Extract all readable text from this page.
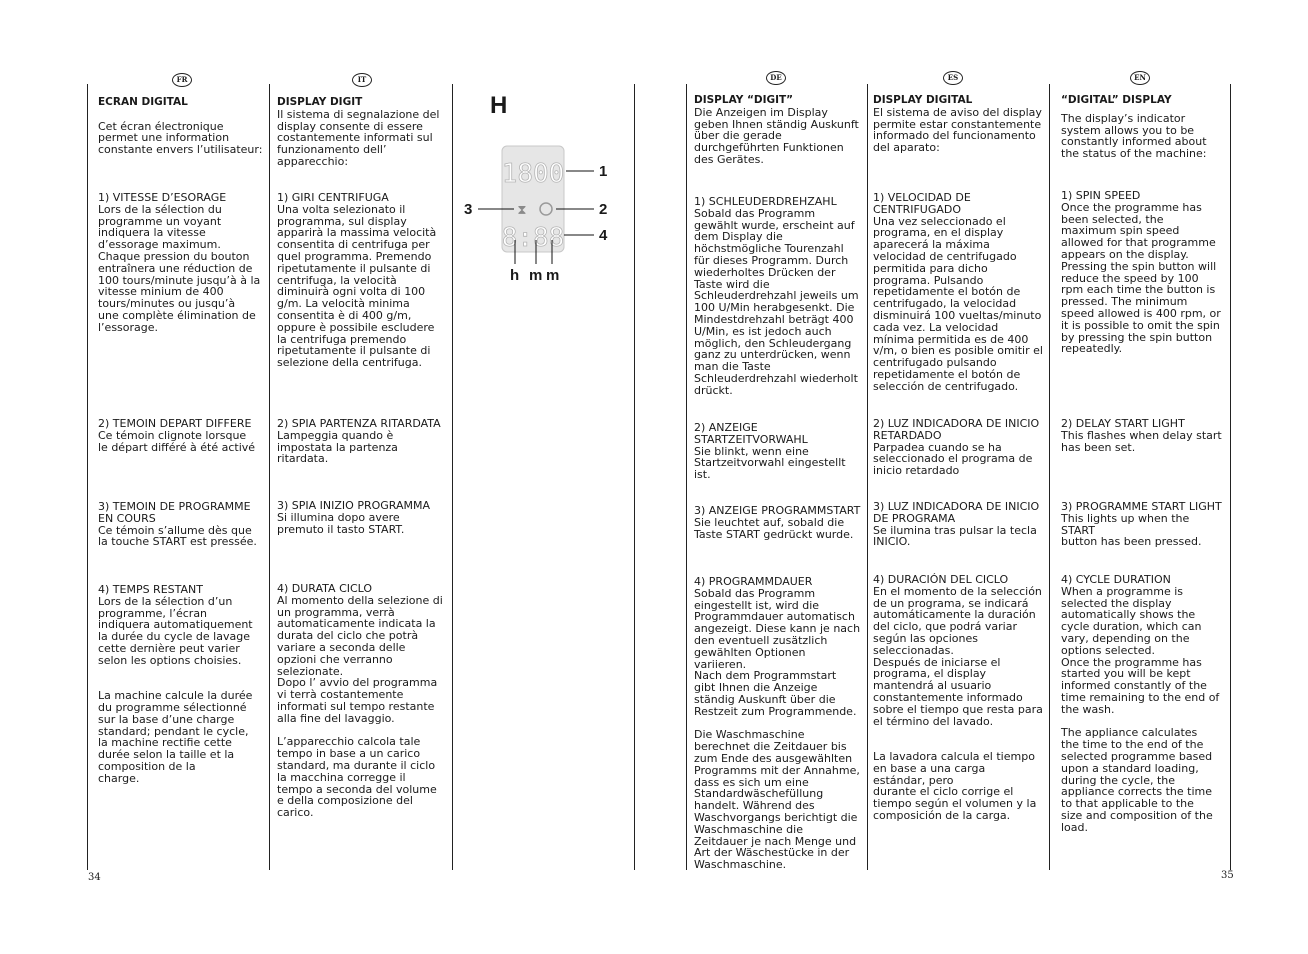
FR	IT	DE	ES	EN

ECRAN DIGITAL

Cet écran électronique
permet une information
constante envers l’utilisateur:

1) VITESSE D’ESORAGE
Lors de la sélection du
programme un voyant
indiquera la vitesse
d’essorage maximum.
Chaque pression du bouton
entraînera une réduction de
100 tours/minute jusqu’à à la
vitesse minium de 400
tours/minutes ou jusqu’à
une complète élimination de
l’essorage.

2) TEMOIN DEPART DIFFERE
Ce témoin clignote lorsque
le départ différé à été activé

3) TEMOIN DE PROGRAMME
EN COURS
Ce témoin s’allume dès que
la touche START est pressée.

4) TEMPS RESTANT
Lors de la sélection d’un
programme, l’écran
indiquera automatiquement
la durée du cycle de lavage
cette dernière peut varier
selon les options choisies.

La machine calcule la durée
du programme sélectionné
sur la base d’une charge
standard; pendant le cycle,
la machine rectifie cette
durée selon la taille et la
composition de la
charge.

DISPLAY DIGIT

Il sistema di segnalazione del
display consente di essere
costantemente informati sul
funzionamento dell’
apparecchio:

1) GIRI CENTRIFUGA
Una volta selezionato il
programma, sul display
apparirà la massima velocità
consentita di centrifuga per
quel programma. Premendo
ripetutamente il pulsante di
centrifuga, la velocità
diminuirà ogni volta di 100
g/m. La velocità minima
consentita è di 400 g/m,
oppure è possibile escludere
la centrifuga premendo
ripetutamente il pulsante di
selezione della centrifuga.

2) SPIA PARTENZA RITARDATA
Lampeggia quando è
impostata la partenza
ritardata.

3) SPIA INIZIO PROGRAMMA
Si illumina dopo avere
premuto il tasto START.

4) DURATA CICLO
Al momento della selezione di
un programma, verrà
automaticamente indicata la
durata del ciclo che potrà
variare a seconda delle
opzioni che verranno
selezionate.
Dopo l’ avvio del programma
vi terrà costantemente
informati sul tempo restante
alla fine del lavaggio.

L’apparecchio calcola tale
tempo in base a un carico
standard, ma durante il ciclo
la macchina corregge il
tempo a seconda del volume
e della composizione del
carico.

H
1800
⧗
8:88
1
2
3
4
h m m

DISPLAY “DIGIT”

Die Anzeigen im Display
geben Ihnen ständig Auskunft
über die gerade
durchgeführten Funktionen
des Gerätes.

1) SCHLEUDERDREHZAHL
Sobald das Programm
gewählt wurde, erscheint auf
dem Display die
höchstmögliche Tourenzahl
für dieses Programm. Durch
wiederholtes Drücken der
Taste wird die
Schleuderdrehzahl jeweils um
100 U/Min herabgesenkt. Die
Mindestdrehzahl beträgt 400
U/Min, es ist jedoch auch
möglich, den Schleudergang
ganz zu unterdrücken, wenn
man die Taste
Schleuderdrehzahl wiederholt
drückt.

2) ANZEIGE
STARTZEITVORWAHL
Sie blinkt, wenn eine
Startzeitvorwahl eingestellt ist.

3) ANZEIGE PROGRAMMSTART
Sie leuchtet auf, sobald die
Taste START gedrückt wurde.

4) PROGRAMMDAUER
Sobald das Programm
eingestellt ist, wird die
Programmdauer automatisch
angezeigt. Diese kann je nach
den eventuell zusätzlich
gewählten Optionen
variieren.
Nach dem Programmstart
gibt Ihnen die Anzeige
ständig Auskunft über die
Restzeit zum Programmende.

Die Waschmaschine
berechnet die Zeitdauer bis
zum Ende des ausgewählten
Programms mit der Annahme,
dass es sich um eine
Standardwäschefüllung
handelt. Während des
Waschvorgangs berichtigt die
Waschmaschine die
Zeitdauer je nach Menge und
Art der Wäschestücke in der
Waschmaschine.

DISPLAY DIGITAL

El sistema de aviso del display
permite estar constantemente
informado del funcionamento
del aparato:

1) VELOCIDAD DE
CENTRIFUGADO
Una vez seleccionado el
programa, en el display
aparecerá la máxima
velocidad de centrifugado
permitida para dicho
programa. Pulsando
repetidamente el botón de
centrifugado, la velocidad
disminuirá 100 vueltas/minuto
cada vez. La velocidad
mínima permitida es de 400
v/m, o bien es posible omitir el
centrifugado pulsando
repetidamente el botón de
selección de centrifugado.

2) LUZ INDICADORA DE INICIO
RETARDADO
Parpadea cuando se ha
seleccionado el programa de
inicio retardado

3) LUZ INDICADORA DE INICIO
DE PROGRAMA
Se ilumina tras pulsar la tecla
INICIO.

4) DURACIÓN DEL CICLO
En el momento de la selección
de un programa, se indicará
automáticamente la duración
del ciclo, que podrá variar
según las opciones
seleccionadas.
Después de iniciarse el
programa, el display
mantendrá al usuario
constantemente informado
sobre el tiempo que resta para
el término del lavado.

La lavadora calcula el tiempo
en base a una carga
estándar, pero
durante el ciclo corrige el
tiempo según el volumen y la
composición de la carga.

“DIGITAL” DISPLAY

The display’s indicator
system allows you to be
constantly informed about
the status of the machine:

1) SPIN SPEED
Once the programme has
been selected, the
maximum spin speed
allowed for that programme
appears on the display.
Pressing the spin button will
reduce the speed by 100
rpm each time the button is
pressed. The minimum
speed allowed is 400 rpm, or
it is possible to omit the spin
by pressing the spin button
repeatedly.

2) DELAY START LIGHT
This flashes when delay start
has been set.

3) PROGRAMME START LIGHT
This lights up when the START
button has been pressed.

4) CYCLE DURATION
When a programme is
selected the display
automatically shows the
cycle duration, which can
vary, depending on the
options selected.
Once the programme has
started you will be kept
informed constantly of the
time remaining to the end of
the wash.

The appliance calculates
the time to the end of the
selected programme based
upon a standard loading,
during the cycle, the
appliance corrects the time
to that applicable to the
size and composition of the
load.

34	35
